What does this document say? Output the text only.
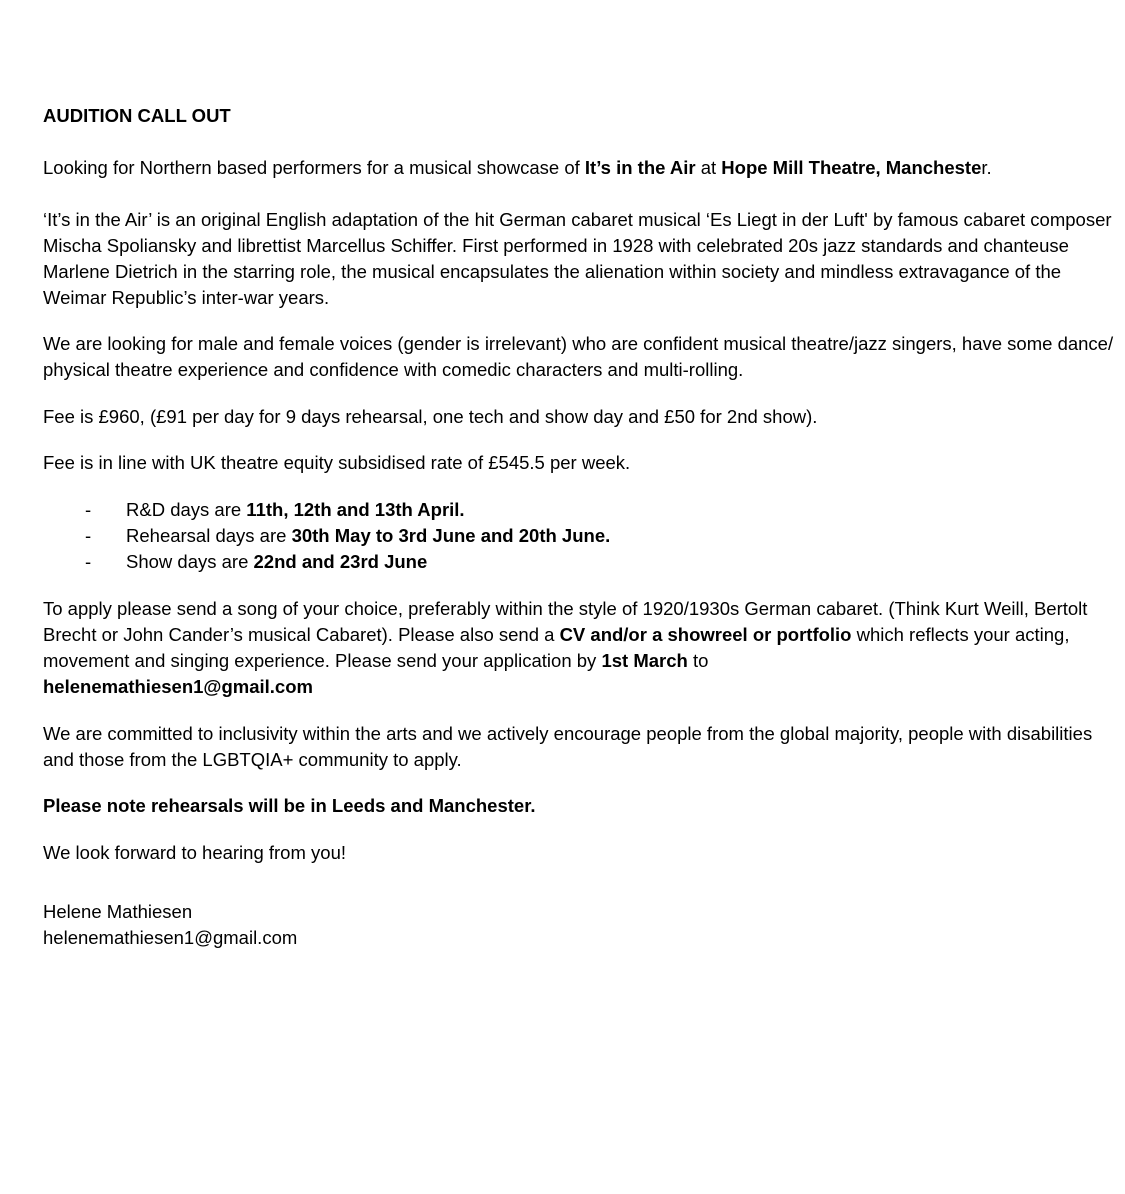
AUDITION CALL OUT

Looking for Northern based performers for a musical showcase of It’s in the Air at Hope Mill Theatre, Manchester.

‘It’s in the Air’ is an original English adaptation of the hit German cabaret musical ‘Es Liegt in der Luft' by famous cabaret composer Mischa Spoliansky and librettist Marcellus Schiffer. First performed in 1928 with celebrated 20s jazz standards and chanteuse Marlene Dietrich in the starring role, the musical encapsulates the alienation within society and mindless extravagance of the Weimar Republic’s inter-war years.

We are looking for male and female voices (gender is irrelevant) who are confident musical theatre/jazz singers, have some dance/ physical theatre experience and confidence with comedic characters and multi-rolling.

Fee is £960, (£91 per day for 9 days rehearsal, one tech and show day and £50 for 2nd show).

Fee is in line with UK theatre equity subsidised rate of £545.5 per week.

- R&D days are 11th, 12th and 13th April.
- Rehearsal days are 30th May to 3rd June and 20th June.
- Show days are 22nd and 23rd June

To apply please send a song of your choice, preferably within the style of 1920/1930s German cabaret. (Think Kurt Weill, Bertolt Brecht or John Cander’s musical Cabaret). Please also send a CV and/or a showreel or portfolio which reflects your acting, movement and singing experience. Please send your application by 1st March to
helenemathiesen1@gmail.com

We are committed to inclusivity within the arts and we actively encourage people from the global majority, people with disabilities and those from the LGBTQIA+ community to apply.

Please note rehearsals will be in Leeds and Manchester.

We look forward to hearing from you!

Helene Mathiesen

helenemathiesen1@gmail.com
